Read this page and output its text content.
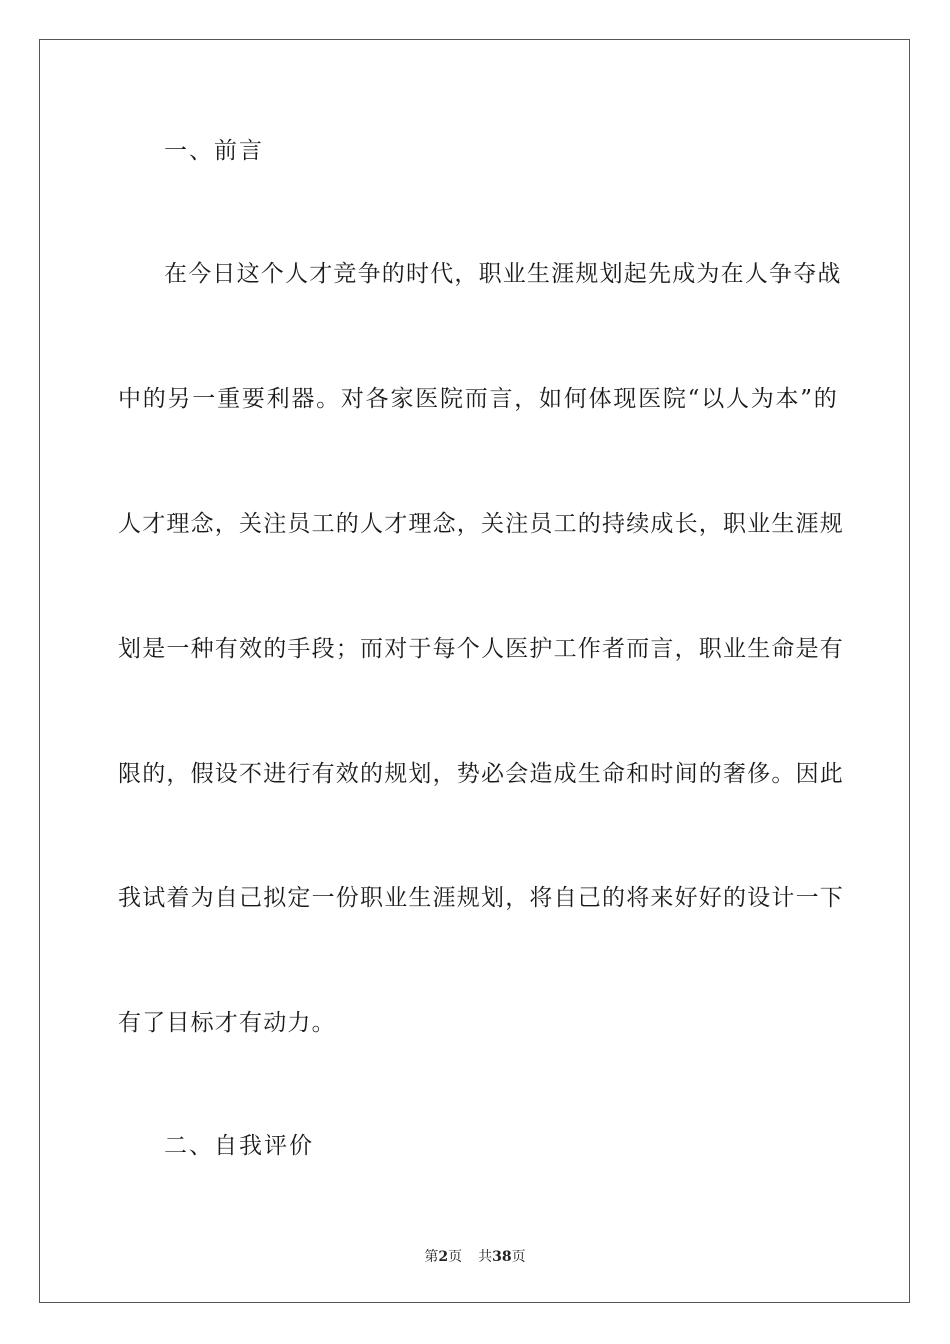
一、前言
在今日这个人才竞争的时代，职业生涯规划起先成为在人争夺战
中的另一重要利器。对各家医院而言，如何体现医院“以人为本”的
人才理念，关注员工的人才理念，关注员工的持续成长，职业生涯规
划是一种有效的手段；而对于每个人医护工作者而言，职业生命是有
限的，假设不进行有效的规划，势必会造成生命和时间的奢侈。因此
我试着为自己拟定一份职业生涯规划，将自己的将来好好的设计一下
有了目标才有动力。
二、自我评价
第2页 共38页
